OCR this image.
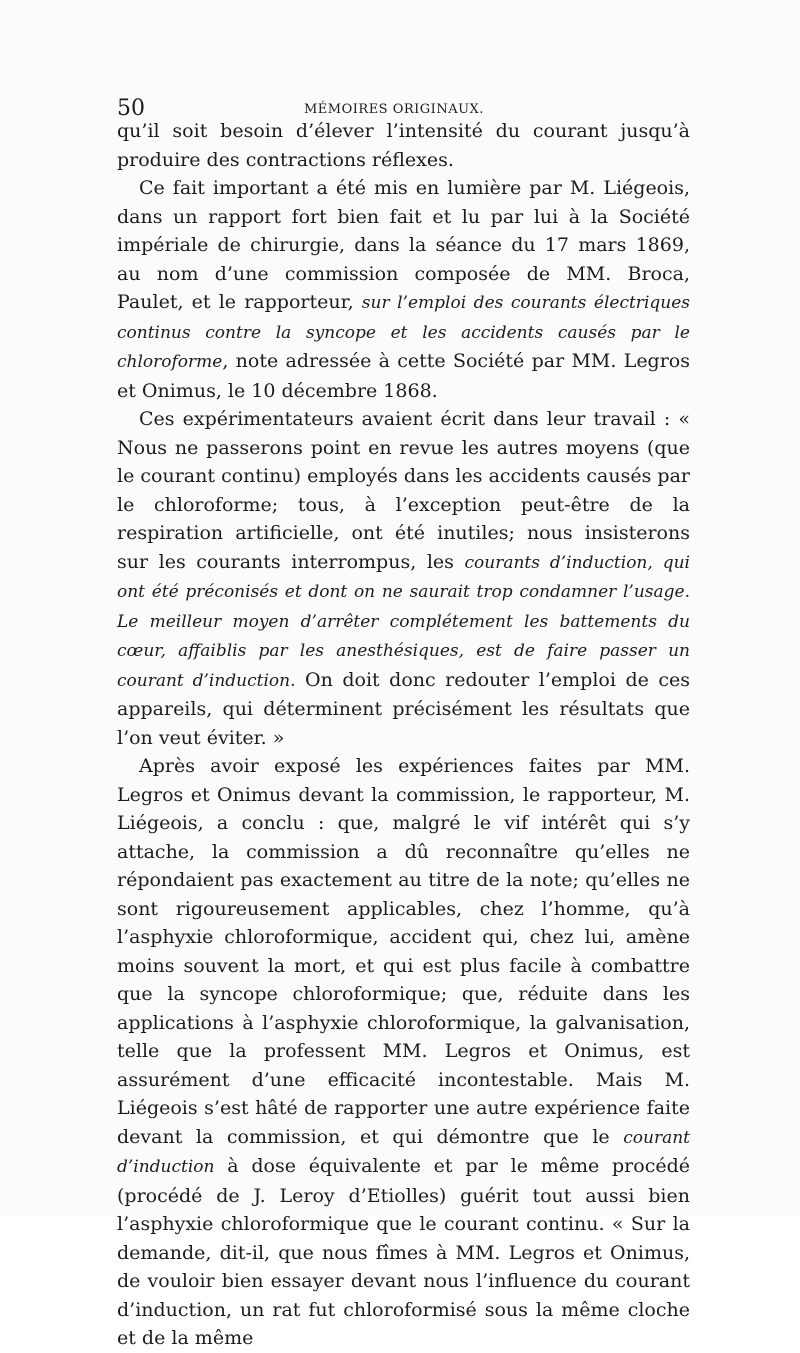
50	MÉMOIRES ORIGINAUX.

qu’il soit besoin d’élever l’intensité du courant jusqu’à produire des contractions réflexes.

Ce fait important a été mis en lumière par M. Liégeois, dans un rapport fort bien fait et lu par lui à la Société impériale de chirurgie, dans la séance du 17 mars 1869, au nom d’une commission composée de MM. Broca, Paulet, et le rapporteur, sur l’emploi des courants électriques continus contre la syncope et les accidents causés par le chloroforme, note adressée à cette Société par MM. Legros et Onimus, le 10 décembre 1868.

Ces expérimentateurs avaient écrit dans leur travail : « Nous ne passerons point en revue les autres moyens (que le courant continu) employés dans les accidents causés par le chloroforme; tous, à l’exception peut-être de la respiration artificielle, ont été inutiles; nous insisterons sur les courants interrompus, les courants d’induction, qui ont été préconisés et dont on ne saurait trop condamner l’usage. Le meilleur moyen d’arrêter complétement les battements du cœur, affaiblis par les anesthésiques, est de faire passer un courant d’induction. On doit donc redouter l’emploi de ces appareils, qui déterminent précisément les résultats que l’on veut éviter. »

Après avoir exposé les expériences faites par MM. Legros et Onimus devant la commission, le rapporteur, M. Liégeois, a conclu : que, malgré le vif intérêt qui s’y attache, la commission a dû reconnaître qu’elles ne répondaient pas exactement au titre de la note; qu’elles ne sont rigoureusement applicables, chez l’homme, qu’à l’asphyxie chloroformique, accident qui, chez lui, amène moins souvent la mort, et qui est plus facile à combattre que la syncope chloroformique; que, réduite dans les applications à l’asphyxie chloroformique, la galvanisation, telle que la professent MM. Legros et Onimus, est assurément d’une efficacité incontestable. Mais M. Liégeois s’est hâté de rapporter une autre expérience faite devant la commission, et qui démontre que le courant d’induction à dose équivalente et par le même procédé (procédé de J. Leroy d’Etiolles) guérit tout aussi bien l’asphyxie chloroformique que le courant continu. « Sur la demande, dit-il, que nous fîmes à MM. Legros et Onimus, de vouloir bien essayer devant nous l’influence du courant d’induction, un rat fut chloroformisé sous la même cloche et de la même
